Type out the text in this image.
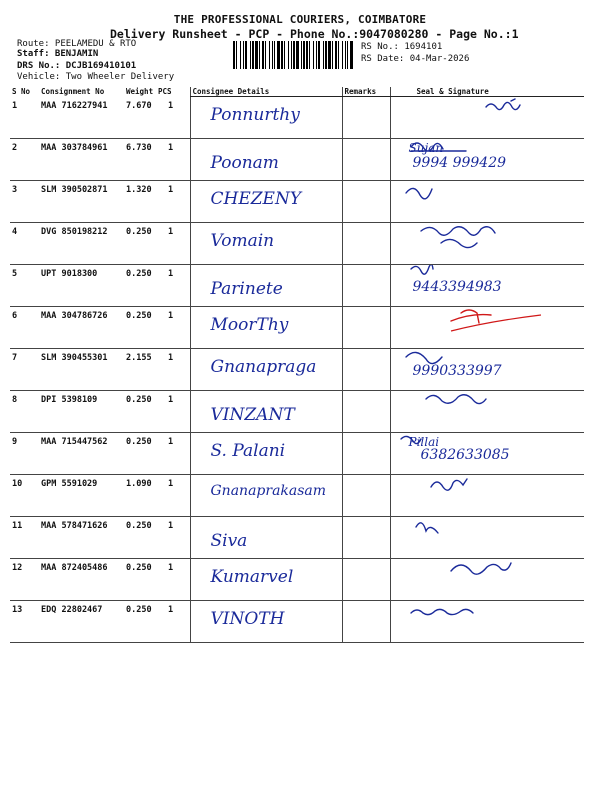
THE PROFESSIONAL COURIERS, COIMBATORE
Delivery Runsheet - PCP - Phone No.:9047080280 - Page No.:1
Route: PEELAMEDU & RTO
Staff: BENJAMIN
DRS No.: DCJB169410101
Vehicle: Two Wheeler Delivery
RS No.: 1694101
RS Date: 04-Mar-2026
S No	Consignment No	Weight	PCS	Consignee Details	Remarks	Seal & Signature
1	MAA 716227941	7.670	1	Ponnurthy

2	MAA 303784961	6.730	1	Poonam		Sujan
9994 999429

3	SLM 390502871	1.320	1	CHEZENY

4	DVG 850198212	0.250	1	Vomain

5	UPT 9018300	0.250	1	Parinete		9443394983

6	MAA 304786726	0.250	1	MoorThy

7	SLM 390455301	2.155	1	Gnanapraga		9990333997

8	DPI 5398109	0.250	1	VINZANT

9	MAA 715447562	0.250	1	S. Palani		Pillai
6382633085

10	GPM 5591029	1.090	1	Gnanaprakasam

11	MAA 578471626	0.250	1	Siva

12	MAA 872405486	0.250	1	Kumarvel

13	EDQ 22802467	0.250	1	VINOTH
